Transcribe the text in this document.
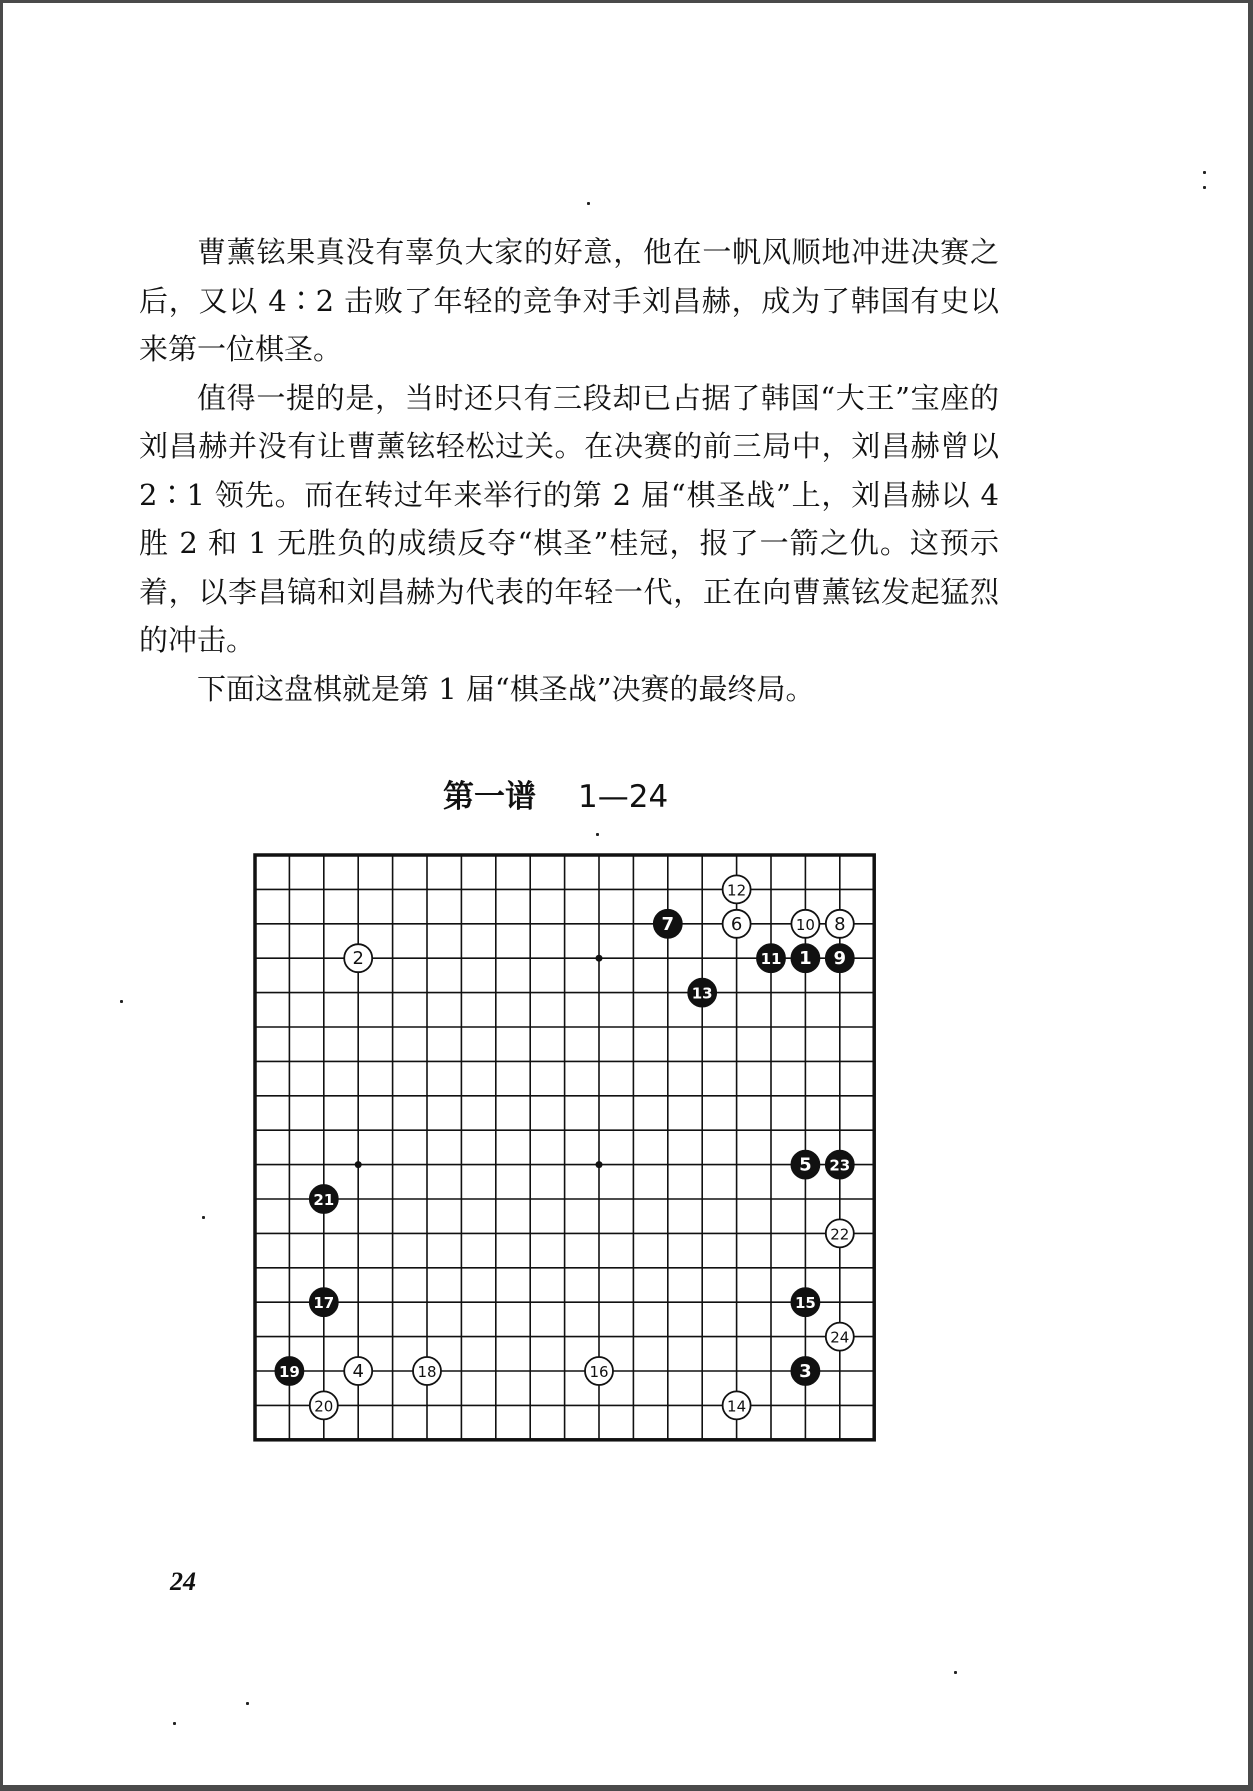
曹薰铉果真没有辜负大家的好意，他在一帆风顺地冲进决赛之后，又以 4∶2 击败了年轻的竞争对手刘昌赫，成为了韩国有史以来第一位棋圣。

值得一提的是，当时还只有三段却已占据了韩国“大王”宝座的刘昌赫并没有让曹薰铉轻松过关。在决赛的前三局中，刘昌赫曾以 2∶1 领先。而在转过年来举行的第 2 届“棋圣战”上，刘昌赫以 4 胜 2 和 1 无胜负的成绩反夺“棋圣”桂冠，报了一箭之仇。这预示着，以李昌镐和刘昌赫为代表的年轻一代，正在向曹薰铉发起猛烈的冲击。

下面这盘棋就是第 1 届“棋圣战”决赛的最终局。

第一谱 1—24
1
2
3
4
5
6
7	8
9
10
11
12
13
14
15
16
17
18
19
20
21
22
23
24
24
